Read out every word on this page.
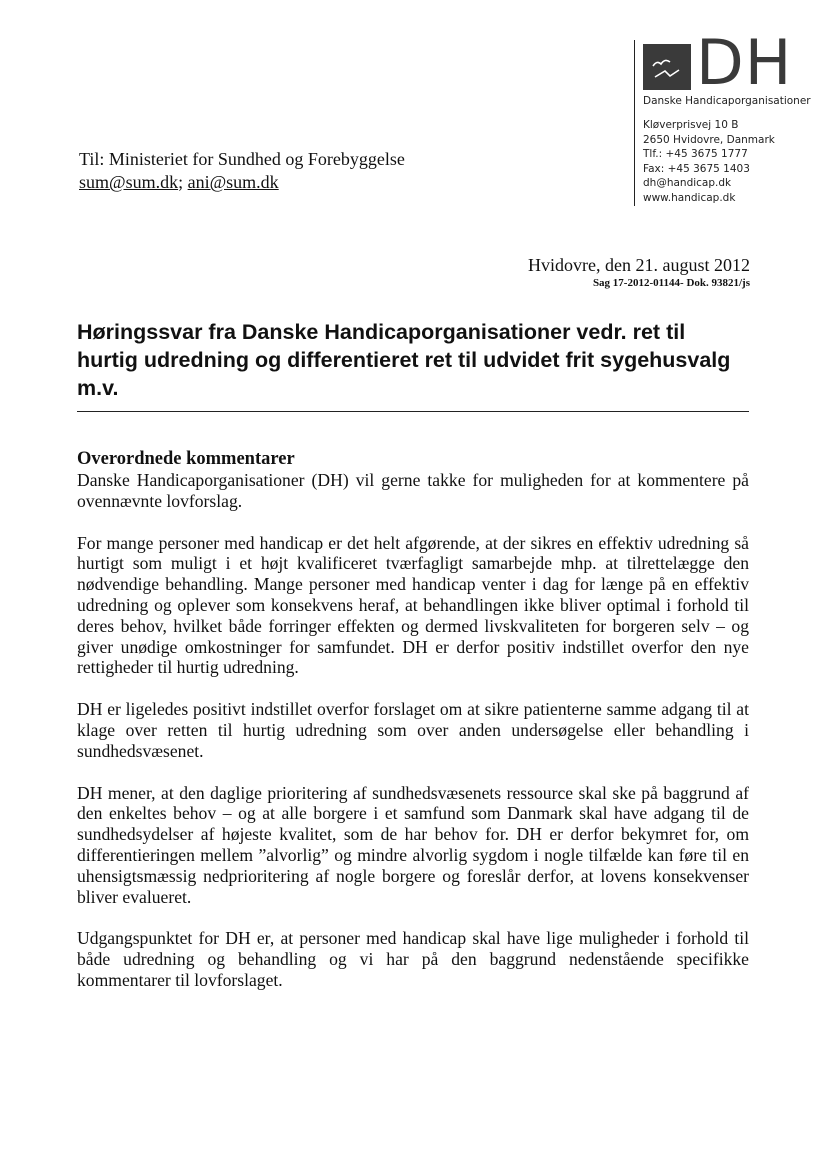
DH
Danske Handicaporganisationer
Kløverprisvej 10 B
2650 Hvidovre, Danmark
Tlf.: +45 3675 1777
Fax: +45 3675 1403
dh@handicap.dk
www.handicap.dk
Til: Ministeriet for Sundhed og Forebyggelse
sum@sum.dk; ani@sum.dk
Hvidovre, den 21. august 2012
Sag 17-2012-01144- Dok. 93821/js
Høringssvar fra Danske Handicaporganisationer vedr. ret til hurtig udredning og differentieret ret til udvidet frit sygehusvalg m.v.
Overordnede kommentarer

Danske Handicaporganisationer (DH) vil gerne takke for muligheden for at kommentere på ovennævnte lovforslag.

For mange personer med handicap er det helt afgørende, at der sikres en effektiv udredning så hurtigt som muligt i et højt kvalificeret tværfagligt samarbejde mhp. at tilrettelægge den nødvendige behandling. Mange personer med handicap venter i dag for længe på en effektiv udredning og oplever som konsekvens heraf, at behandlingen ikke bliver optimal i forhold til deres behov, hvilket både forringer effekten og dermed livskvaliteten for borgeren selv – og giver unødige omkostninger for samfundet. DH er derfor positiv indstillet overfor den nye rettigheder til hurtig udredning.

DH er ligeledes positivt indstillet overfor forslaget om at sikre patienterne samme adgang til at klage over retten til hurtig udredning som over anden undersøgelse eller behandling i sundhedsvæsenet.

DH mener, at den daglige prioritering af sundhedsvæsenets ressource skal ske på baggrund af den enkeltes behov – og at alle borgere i et samfund som Danmark skal have adgang til de sundhedsydelser af højeste kvalitet, som de har behov for. DH er derfor bekymret for, om differentieringen mellem ”alvorlig” og mindre alvorlig sygdom i nogle tilfælde kan føre til en uhensigtsmæssig nedprioritering af nogle borgere og foreslår derfor, at lovens konsekvenser bliver evalueret.

Udgangspunktet for DH er, at personer med handicap skal have lige muligheder i forhold til både udredning og behandling og vi har på den baggrund nedenstående specifikke kommentarer til lovforslaget.
